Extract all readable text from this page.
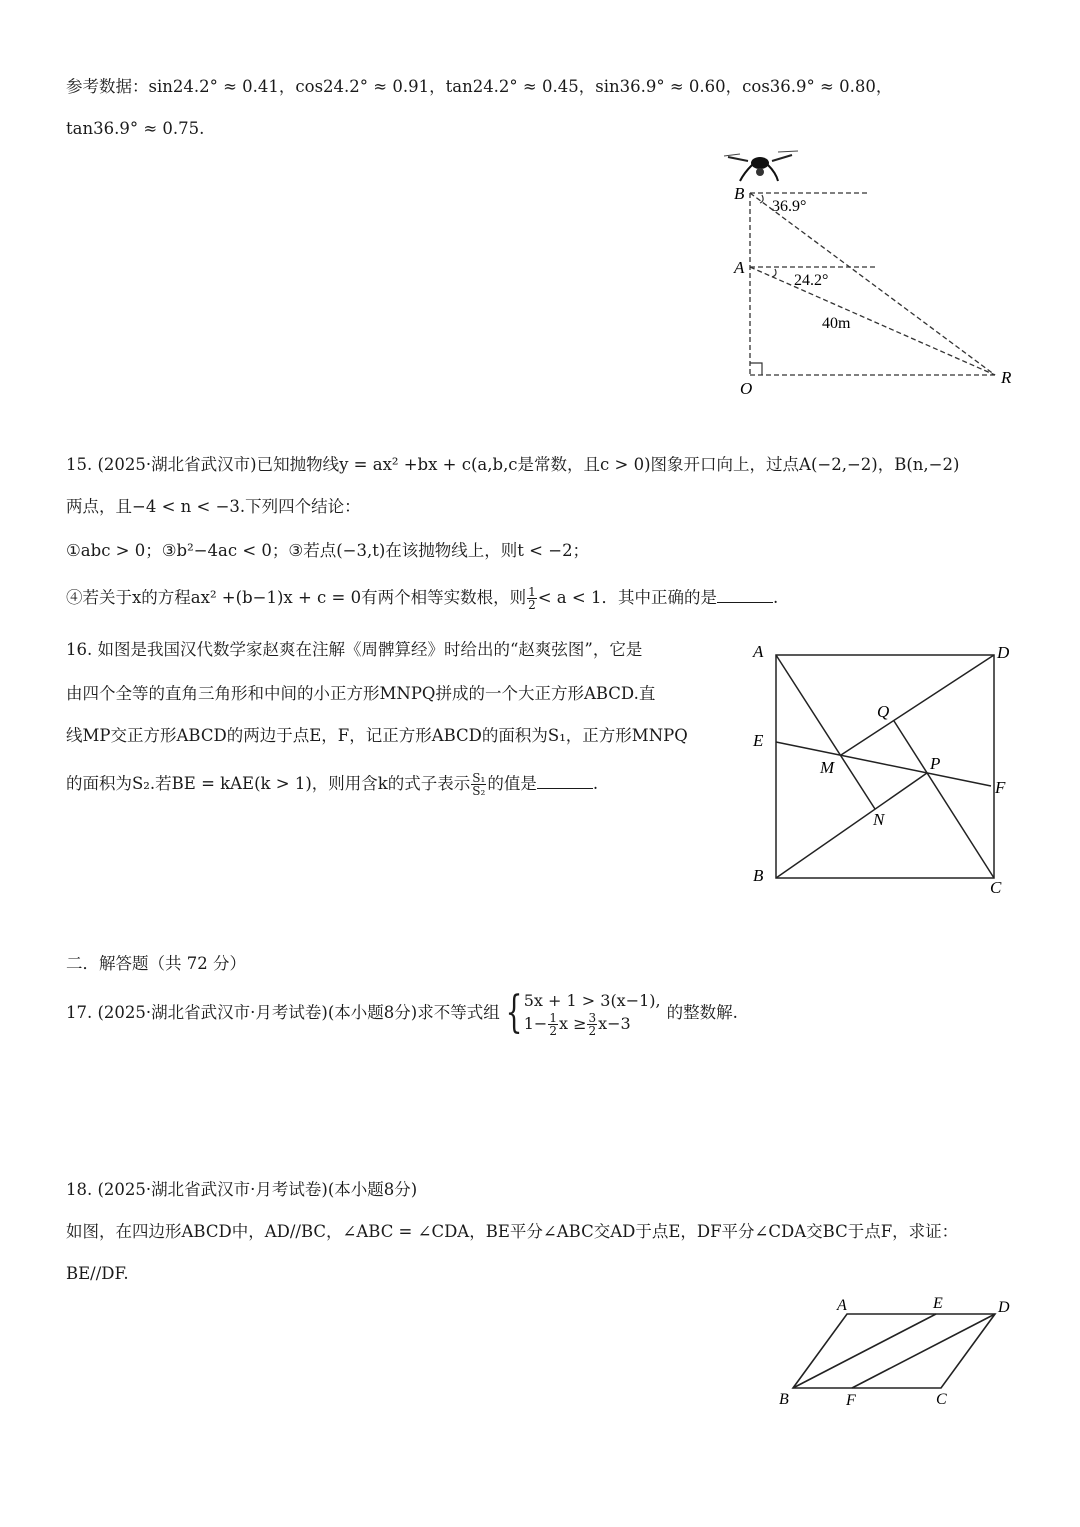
参考数据：sin24.2° ≈ 0.41，cos24.2° ≈ 0.91，tan24.2° ≈ 0.45，sin36.9° ≈ 0.60，cos36.9° ≈ 0.80，
tan36.9° ≈ 0.75.
B
A
O
R
36.9°
24.2°
40m
15. (2025·湖北省武汉市)已知抛物线y = ax² +bx + c(a,b,c是常数，且c > 0)图象开口向上，过点A(−2,−2)，B(n,−2)
两点，且−4 < n < −3.下列四个结论：
①abc > 0；③b²−4ac < 0；③若点(−3,t)在该抛物线上，则t < −2；
④若关于x的方程ax² +(b−1)x + c = 0有两个相等实数根，则 $\frac{1}{2} < a < 1$．其中正确的是	.
16. 如图是我国汉代数学家赵爽在注解《周髀算经》时给出的“赵爽弦图”，它是
由四个全等的直角三角形和中间的小正方形MNPQ拼成的一个大正方形ABCD.直
线MP交正方形ABCD的两边于点E，F，记正方形ABCD的面积为S₁，正方形MNPQ
的面积为S₂.若BE = kAE(k > 1)，则用含k的式子表示 $\frac{\text{S₁}}{\text{S₂}}$ 的值是	.
A	D
B
C
E
F
M
N
P
Q
二．解答题（共 72 分）
17. (2025·湖北省武汉市·月考试卷)(本小题8分)求不等式组 { 5x + 1 > 3(x−1),
$1- \frac{1}{2}$ $x \ge \frac{3}{2} x-3$
的整数解.
18. (2025·湖北省武汉市·月考试卷)(本小题8分)
如图，在四边形ABCD中，AD//BC，∠ABC = ∠CDA，BE平分∠ABC交AD于点E，DF平分∠CDA交BC于点F，求证：
BE//DF.
A	E	D
B	F	C
